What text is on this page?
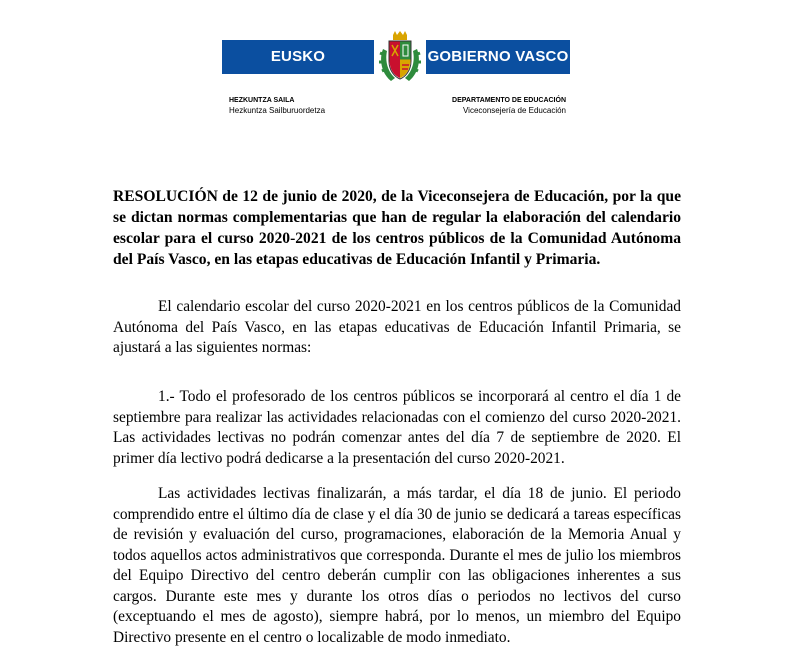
EUSKO JAURLARITZA
GOBIERNO VASCO
HEZKUNTZA SAILA
Hezkuntza Sailburuordetza
DEPARTAMENTO DE EDUCACIÓN
Viceconsejería de Educación
RESOLUCIÓN de 12 de junio de 2020, de la Viceconsejera de Educación, por la que se dictan normas complementarias que han de regular la elaboración del calendario escolar para el curso 2020-2021 de los centros públicos de la Comunidad Autónoma del País Vasco, en las etapas educativas de Educación Infantil y Primaria.
El calendario escolar del curso 2020-2021 en los centros públicos de la Comunidad Autónoma del País Vasco, en las etapas educativas de Educación Infantil Primaria, se ajustará a las siguientes normas:
1.- Todo el profesorado de los centros públicos se incorporará al centro el día 1 de septiembre para realizar las actividades relacionadas con el comienzo del curso 2020-2021. Las actividades lectivas no podrán comenzar antes del día 7 de septiembre de 2020. El primer día lectivo podrá dedicarse a la presentación del curso 2020-2021.
Las actividades lectivas finalizarán, a más tardar, el día 18 de junio. El periodo comprendido entre el último día de clase y el día 30 de junio se dedicará a tareas específicas de revisión y evaluación del curso, programaciones, elaboración de la Memoria Anual y todos aquellos actos administrativos que corresponda. Durante el mes de julio los miembros del Equipo Directivo del centro deberán cumplir con las obligaciones inherentes a sus cargos. Durante este mes y durante los otros días o periodos no lectivos del curso (exceptuando el mes de agosto), siempre habrá, por lo menos, un miembro del Equipo Directivo presente en el centro o localizable de modo inmediato.
